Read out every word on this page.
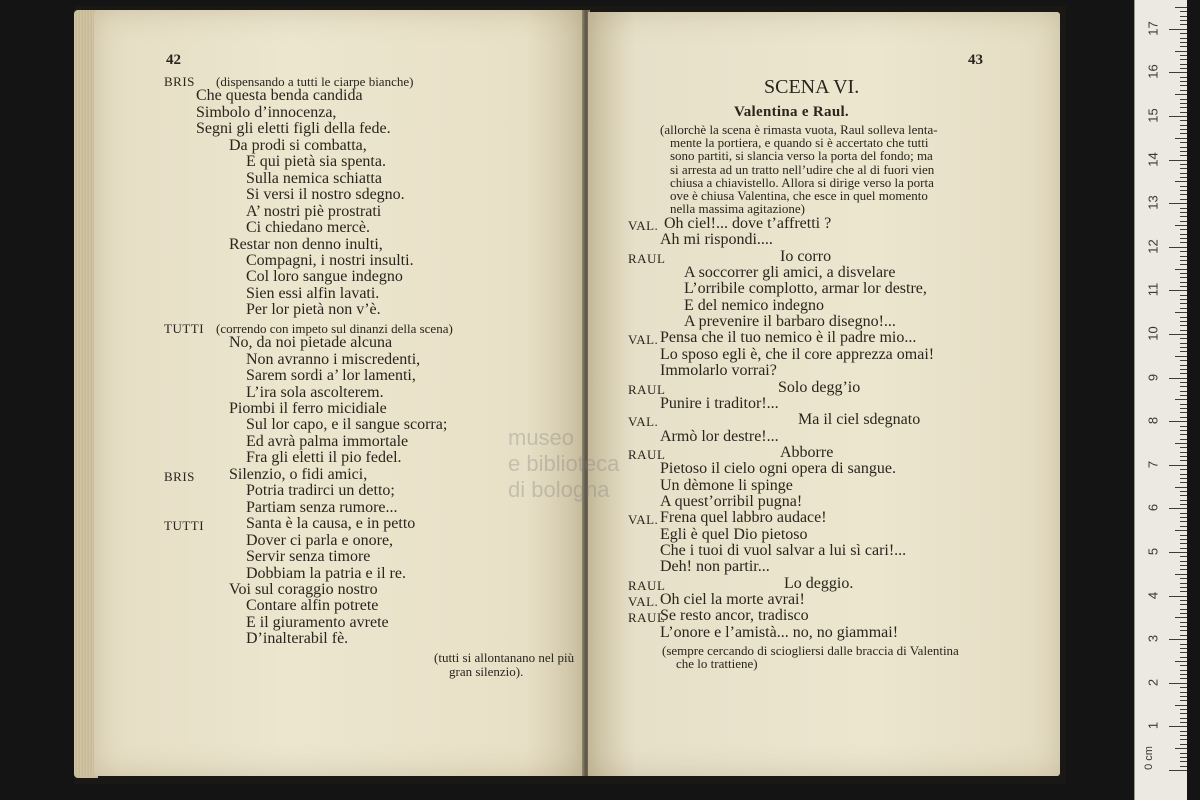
42
BRIS (dispensando a tutti le ciarpe bianche)
Che questa benda candida
Simbolo d’innocenza,
Segni gli eletti figli della fede.
Da prodi si combatta,
E qui pietà sia spenta.
Sulla nemica schiatta
Si versi il nostro sdegno.
A’ nostri piè prostrati
Ci chiedano mercè.
Restar non denno inulti,
Compagni, i nostri insulti.
Col loro sangue indegno
Sien essi alfin lavati.
Per lor pietà non v’è.
TUTTI (correndo con impeto sul dinanzi della scena)
No, da noi pietade alcuna
Non avranno i miscredenti,
Sarem sordi a’ lor lamenti,
L’ira sola ascolterem.
Piombi il ferro micidiale
Sul lor capo, e il sangue scorra;
Ed avrà palma immortale
Fra gli eletti il pio fedel.
BRIS Silenzio, o fidi amici,
Potria tradirci un detto;
Partiam senza rumore...
TUTTI	Santa è la causa, e in petto
Dover ci parla e onore,
Servir senza timore
Dobbiam la patria e il re.
Voi sul coraggio nostro
Contare alfin potrete
E il giuramento avrete
D’inalterabil fè.
(tutti si allontanano nel più
gran silenzio).
43
SCENA VI.
Valentina e Raul.
(allorchè la scena è rimasta vuota, Raul solleva lenta-
mente la portiera, e quando si è accertato che tutti
sono partiti, si slancia verso la porta del fondo; ma
si arresta ad un tratto nell’udire che al di fuori vien
chiusa a chiavistello. Allora si dirige verso la porta
ove è chiusa Valentina, che esce in quel momento
nella massima agitazione)
VAL. Oh ciel!... dove t’affretti ?
Ah mi rispondi....
RAUL	Io corro
A soccorrer gli amici, a disvelare
L’orribile complotto, armar lor destre,
E del nemico indegno
A prevenire il barbaro disegno!...
VAL. Pensa che il tuo nemico è il padre mio...
Lo sposo egli è, che il core apprezza omai!
Immolarlo vorrai?
RAUL	Solo degg’io
Punire i traditor!...
VAL.	Ma il ciel sdegnato
Armò lor destre!...
RAUL	Abborre
Pietoso il cielo ogni opera di sangue.
Un dèmone li spinge
A quest’orribil pugna!
VAL. Frena quel labbro audace!
Egli è quel Dio pietoso
Che i tuoi di vuol salvar a lui sì cari!...
Deh! non partir...
RAUL	Lo deggio.
VAL. Oh ciel la morte avrai!
RAUL
Se resto ancor, tradisco
L’onore e l’amistà... no, no giammai!
(sempre cercando di sciogliersi dalle braccia di Valentina
che lo trattiene)
museo
e biblioteca
di bologna
0 cm
1
2
3
4
5
6
7
8
9
10
11
12
13
14
15
16
17
